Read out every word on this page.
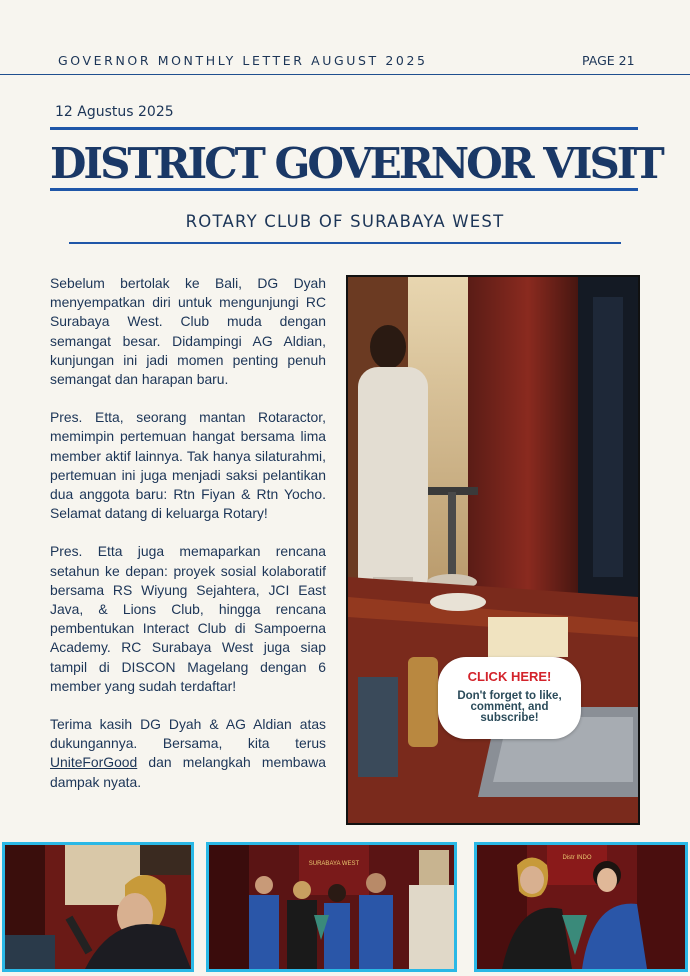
GOVERNOR MONTHLY LETTER AUGUST 2025	PAGE 21
12 Agustus 2025
DISTRICT GOVERNOR VISIT
ROTARY CLUB OF SURABAYA WEST

Sebelum bertolak ke Bali, DG Dyah menyempatkan diri untuk mengunjungi RC Surabaya West. Club muda dengan semangat besar. Didampingi AG Aldian, kunjungan ini jadi momen penting penuh semangat dan harapan baru.

Pres. Etta, seorang mantan Rotaractor, memimpin pertemuan hangat bersama lima member aktif lainnya. Tak hanya silaturahmi, pertemuan ini juga menjadi saksi pelantikan dua anggota baru: Rtn Fiyan & Rtn Yocho. Selamat datang di keluarga Rotary!

Pres. Etta juga memaparkan rencana setahun ke depan: proyek sosial kolaboratif bersama RS Wiyung Sejahtera, JCI East Java, & Lions Club, hingga rencana pembentukan Interact Club di Sampoerna Academy. RC Surabaya West juga siap tampil di DISCON Magelang dengan 6 member yang sudah terdaftar!

Terima kasih DG Dyah & AG Aldian atas dukungannya. Bersama, kita terus UniteForGood dan melangkah membawa dampak nyata.

CLICK HERE!
Don't forget to like, comment, and subscribe!
SURABAYA WEST
Distr INDO
